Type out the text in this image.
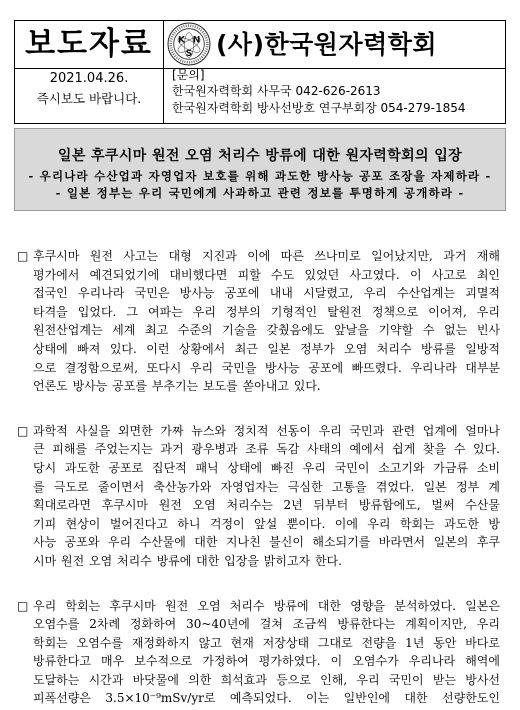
보도자료	K N
S (사)한국원자력학회
2021.04.26.
즉시보도 바랍니다.
[문의]
한국원자력학회 사무국 042-626-2613
한국원자력학회 방사선방호 연구부회장 054-279-1854
일본 후쿠시마 원전 오염 처리수 방류에 대한 원자력학회의 입장
- 우리나라 수산업과 자영업자 보호를 위해 과도한 방사능 공포 조장을 자제하라 -
- 일본 정부는 우리 국민에게 사과하고 관련 정보를 투명하게 공개하라 -
□ 후쿠시마 원전 사고는 대형 지진과 이에 따른 쓰나미로 일어났지만, 과거 재해
평가에서 예견되었기에 대비했다면 피할 수도 있었던 사고였다. 이 사고로 최인
접국인 우리나라 국민은 방사능 공포에 내내 시달렸고, 우리 수산업계는 괴멸적
타격을 입었다. 그 여파는 우리 정부의 기형적인 탈원전 정책으로 이어져, 우리
원전산업계는 세계 최고 수준의 기술을 갖췄음에도 앞날을 기약할 수 없는 빈사
상태에 빠져 있다. 이런 상황에서 최근 일본 정부가 오염 처리수 방류를 일방적
으로 결정함으로써, 또다시 우리 국민을 방사능 공포에 빠뜨렸다. 우리나라 대부분
언론도 방사능 공포를 부추기는 보도를 쏟아내고 있다.
□ 과학적 사실을 외면한 가짜 뉴스와 정치적 선동이 우리 국민과 관련 업계에 얼마나
큰 피해를 주었는지는 과거 광우병과 조류 독감 사태의 예에서 쉽게 찾을 수 있다.
당시 과도한 공포로 집단적 패닉 상태에 빠진 우리 국민이 소고기와 가금류 소비
를 극도로 줄이면서 축산농가와 자영업자는 극심한 고통을 겪었다. 일본 정부 계
획대로라면 후쿠시마 원전 오염 처리수는 2년 뒤부터 방류함에도, 벌써 수산물
기피 현상이 벌어진다고 하니 걱정이 앞설 뿐이다. 이에 우리 학회는 과도한 방
사능 공포와 우리 수산물에 대한 지나친 불신이 해소되기를 바라면서 일본의 후쿠
시마 원전 오염 처리수 방류에 대한 입장을 밝히고자 한다.
□ 우리 학회는 후쿠시마 원전 오염 처리수 방류에 대한 영향을 분석하였다. 일본은
오염수를 2차례 정화하여 30~40년에 걸쳐 조금씩 방류한다는 계획이지만, 우리
학회는 오염수를 재정화하지 않고 현재 저장상태 그대로 전량을 1년 동안 바다로
방류한다고 매우 보수적으로 가정하여 평가하였다. 이 오염수가 우리나라 해역에
도달하는 시간과 바닷물에 의한 희석효과 등으로 인해, 우리 국민이 받는 방사선
피폭선량은 3.5×10⁻⁹mSv/yr로 예측되었다. 이는 일반인에 대한 선량한도인
